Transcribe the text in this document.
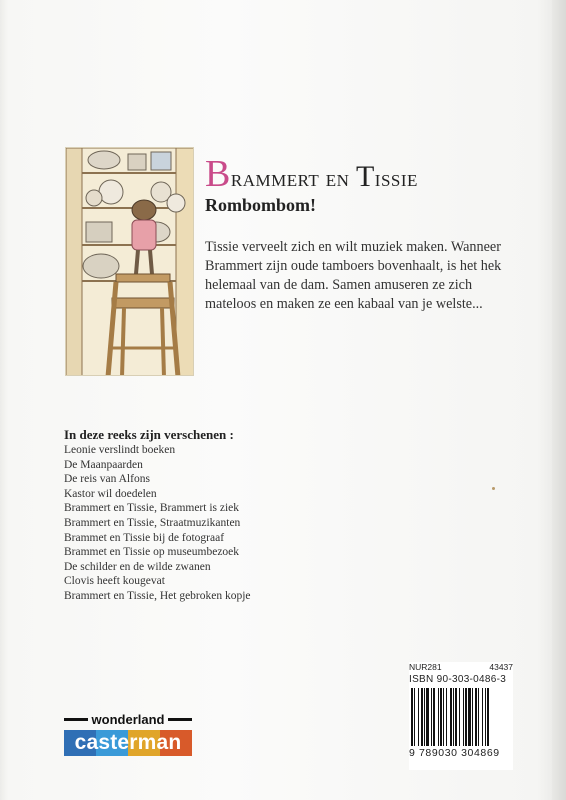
Brammert en Tissie
Rombombom!

Tissie verveelt zich en wilt muziek maken. Wanneer Brammert zijn oude tamboers bovenhaalt, is het hek helemaal van de dam. Samen amuseren ze zich mateloos en maken ze een kabaal van je welste...

In deze reeks zijn verschenen :
Leonie verslindt boeken
De Maanpaarden
De reis van Alfons
Kastor wil doedelen
Brammert en Tissie, Brammert is ziek
Brammert en Tissie, Straatmuzikanten
Brammet en Tissie bij de fotograaf
Brammet en Tissie op museumbezoek
De schilder en de wilde zwanen
Clovis heeft kougevat
Brammert en Tissie, Het gebroken kopje
wonderland
casterman
NUR281	43437
ISBN 90-303-0486-3
9 789030 304869
